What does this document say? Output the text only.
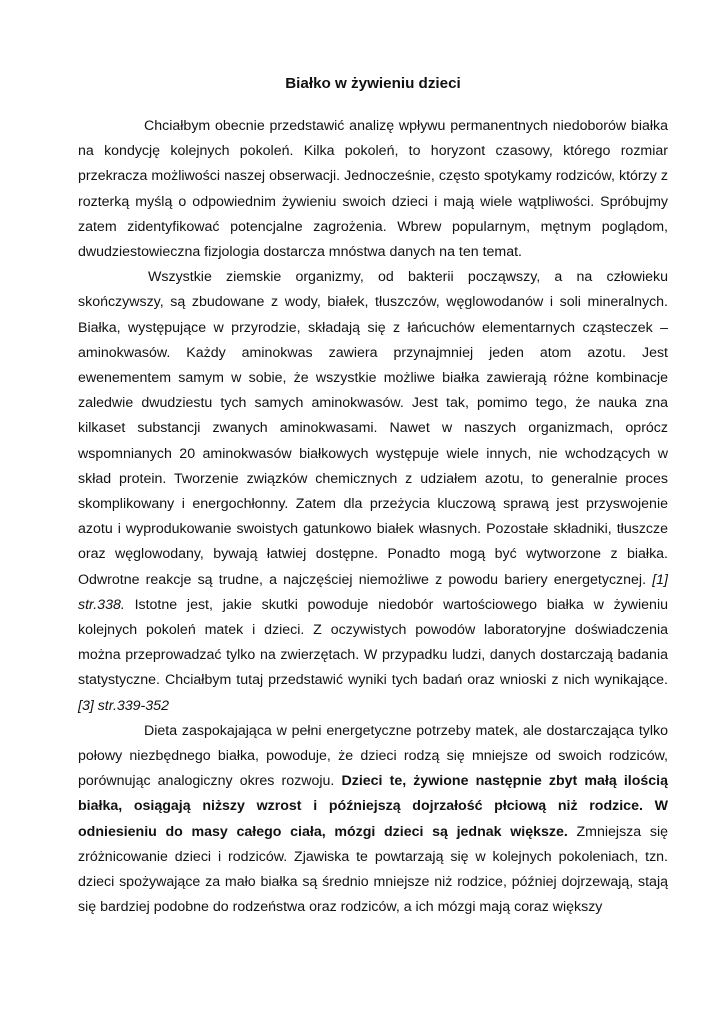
Białko w żywieniu dzieci

Chciałbym obecnie przedstawić analizę wpływu permanentnych niedoborów białka na kondycję kolejnych pokoleń. Kilka pokoleń, to horyzont czasowy, którego rozmiar przekracza możliwości naszej obserwacji. Jednocześnie, często spotykamy rodziców, którzy z rozterką myślą o odpowiednim żywieniu swoich dzieci i mają wiele wątpliwości. Spróbujmy zatem zidentyfikować potencjalne zagrożenia. Wbrew popularnym, mętnym poglądom, dwudziestowieczna fizjologia dostarcza mnóstwa danych na ten temat.

Wszystkie ziemskie organizmy, od bakterii począwszy, a na człowieku skończywszy, są zbudowane z wody, białek, tłuszczów, węglowodanów i soli mineralnych. Białka, występujące w przyrodzie, składają się z łańcuchów elementarnych cząsteczek – aminokwasów. Każdy aminokwas zawiera przynajmniej jeden atom azotu. Jest ewenementem samym w sobie, że wszystkie możliwe białka zawierają różne kombinacje zaledwie dwudziestu tych samych aminokwasów. Jest tak, pomimo tego, że nauka zna kilkaset substancji zwanych aminokwasami. Nawet w naszych organizmach, oprócz wspomnianych 20 aminokwasów białkowych występuje wiele innych, nie wchodzących w skład protein. Tworzenie związków chemicznych z udziałem azotu, to generalnie proces skomplikowany i energochłonny. Zatem dla przeżycia kluczową sprawą jest przyswojenie azotu i wyprodukowanie swoistych gatunkowo białek własnych. Pozostałe składniki, tłuszcze oraz węglowodany, bywają łatwiej dostępne. Ponadto mogą być wytworzone z białka. Odwrotne reakcje są trudne, a najczęściej niemożliwe z powodu bariery energetycznej. [1] str.338. Istotne jest, jakie skutki powoduje niedobór wartościowego białka w żywieniu kolejnych pokoleń matek i dzieci. Z oczywistych powodów laboratoryjne doświadczenia można przeprowadzać tylko na zwierzętach. W przypadku ludzi, danych dostarczają badania statystyczne. Chciałbym tutaj przedstawić wyniki tych badań oraz wnioski z nich wynikające. [3] str.339-352

Dieta zaspokajająca w pełni energetyczne potrzeby matek, ale dostarczająca tylko połowy niezbędnego białka, powoduje, że dzieci rodzą się mniejsze od swoich rodziców, porównując analogiczny okres rozwoju. Dzieci te, żywione następnie zbyt małą ilością białka, osiągają niższy wzrost i późniejszą dojrzałość płciową niż rodzice. W odniesieniu do masy całego ciała, mózgi dzieci są jednak większe. Zmniejsza się zróżnicowanie dzieci i rodziców. Zjawiska te powtarzają się w kolejnych pokoleniach, tzn. dzieci spożywające za mało białka są średnio mniejsze niż rodzice, później dojrzewają, stają się bardziej podobne do rodzeństwa oraz rodziców, a ich mózgi mają coraz większy
